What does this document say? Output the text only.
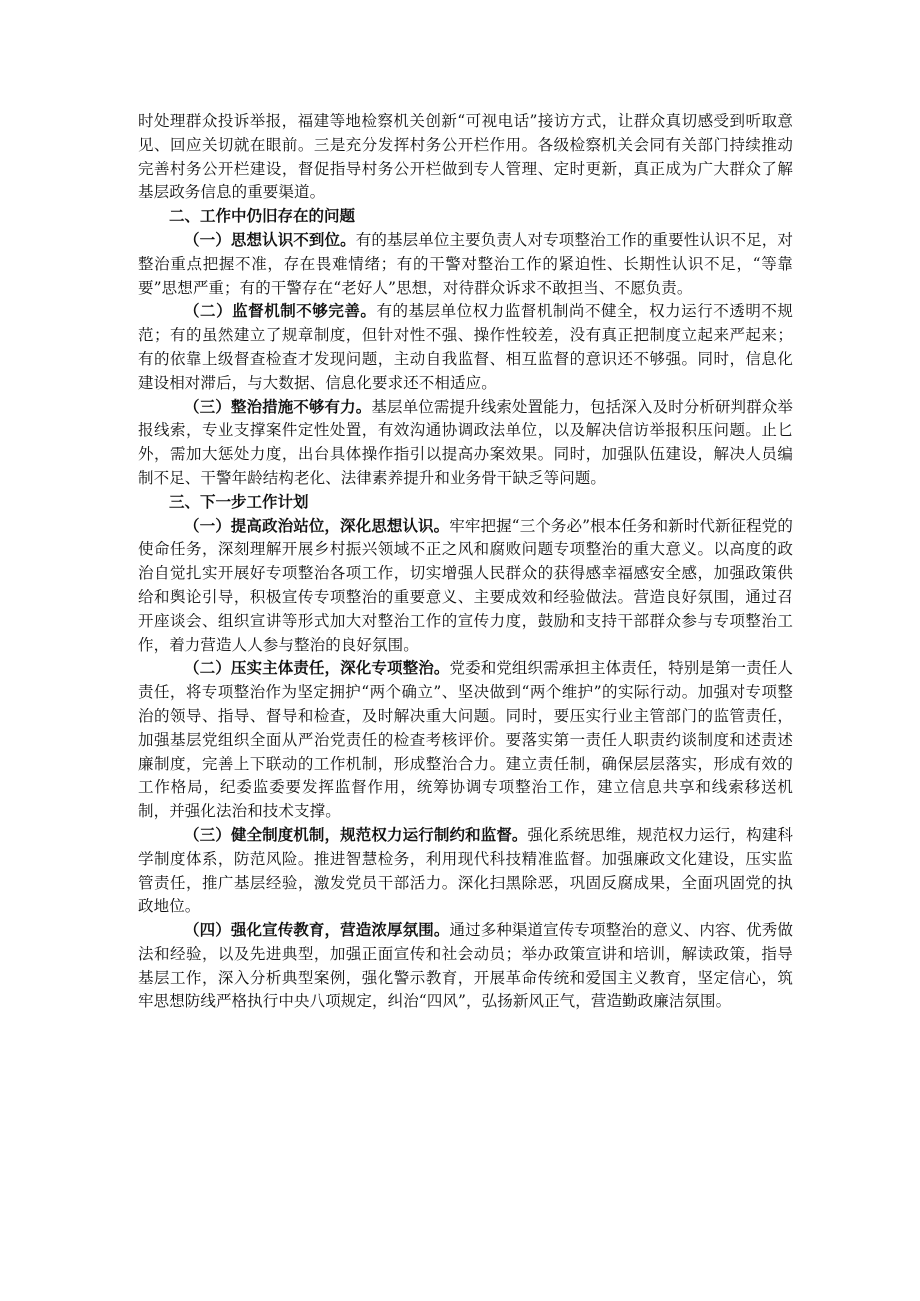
时处理群众投诉举报，福建等地检察机关创新“可视电话”接访方式，让群众真切感受到听取意见、回应关切就在眼前。三是充分发挥村务公开栏作用。各级检察机关会同有关部门持续推动完善村务公开栏建设，督促指导村务公开栏做到专人管理、定时更新，真正成为广大群众了解基层政务信息的重要渠道。

二、工作中仍旧存在的问题

（一）思想认识不到位。有的基层单位主要负责人对专项整治工作的重要性认识不足，对整治重点把握不准，存在畏难情绪；有的干警对整治工作的紧迫性、长期性认识不足，“等靠要”思想严重；有的干警存在“老好人”思想，对待群众诉求不敢担当、不愿负责。

（二）监督机制不够完善。有的基层单位权力监督机制尚不健全，权力运行不透明不规范；有的虽然建立了规章制度，但针对性不强、操作性较差，没有真正把制度立起来严起来；有的依靠上级督查检查才发现问题，主动自我监督、相互监督的意识还不够强。同时，信息化建设相对滞后，与大数据、信息化要求还不相适应。

（三）整治措施不够有力。基层单位需提升线索处置能力，包括深入及时分析研判群众举报线索，专业支撑案件定性处置，有效沟通协调政法单位，以及解决信访举报积压问题。止匕外，需加大惩处力度，出台具体操作指引以提高办案效果。同时，加强队伍建设，解决人员编制不足、干警年龄结构老化、法律素养提升和业务骨干缺乏等问题。

三、下一步工作计划

（一）提高政治站位，深化思想认识。牢牢把握“三个务必”根本任务和新时代新征程党的使命任务，深刻理解开展乡村振兴领域不正之风和腐败问题专项整治的重大意义。以高度的政治自觉扎实开展好专项整治各项工作，切实增强人民群众的获得感幸福感安全感，加强政策供给和舆论引导，积极宣传专项整治的重要意义、主要成效和经验做法。营造良好氛围，通过召开座谈会、组织宣讲等形式加大对整治工作的宣传力度，鼓励和支持干部群众参与专项整治工作，着力营造人人参与整治的良好氛围。

（二）压实主体责任，深化专项整治。党委和党组织需承担主体责任，特别是第一责任人责任，将专项整治作为坚定拥护“两个确立”、坚决做到“两个维护”的实际行动。加强对专项整治的领导、指导、督导和检查，及时解决重大问题。同时，要压实行业主管部门的监管责任，加强基层党组织全面从严治党责任的检查考核评价。要落实第一责任人职责约谈制度和述责述廉制度，完善上下联动的工作机制，形成整治合力。建立责任制，确保层层落实，形成有效的工作格局，纪委监委要发挥监督作用，统筹协调专项整治工作，建立信息共享和线索移送机制，并强化法治和技术支撑。

（三）健全制度机制，规范权力运行制约和监督。强化系统思维，规范权力运行，构建科学制度体系，防范风险。推进智慧检务，利用现代科技精准监督。加强廉政文化建设，压实监管责任，推广基层经验，激发党员干部活力。深化扫黑除恶，巩固反腐成果，全面巩固党的执政地位。

（四）强化宣传教育，营造浓厚氛围。通过多种渠道宣传专项整治的意义、内容、优秀做法和经验，以及先进典型，加强正面宣传和社会动员；举办政策宣讲和培训，解读政策，指导基层工作，深入分析典型案例，强化警示教育，开展革命传统和爱国主义教育，坚定信心，筑牢思想防线严格执行中央八项规定，纠治“四风”，弘扬新风正气，营造勤政廉洁氛围。
